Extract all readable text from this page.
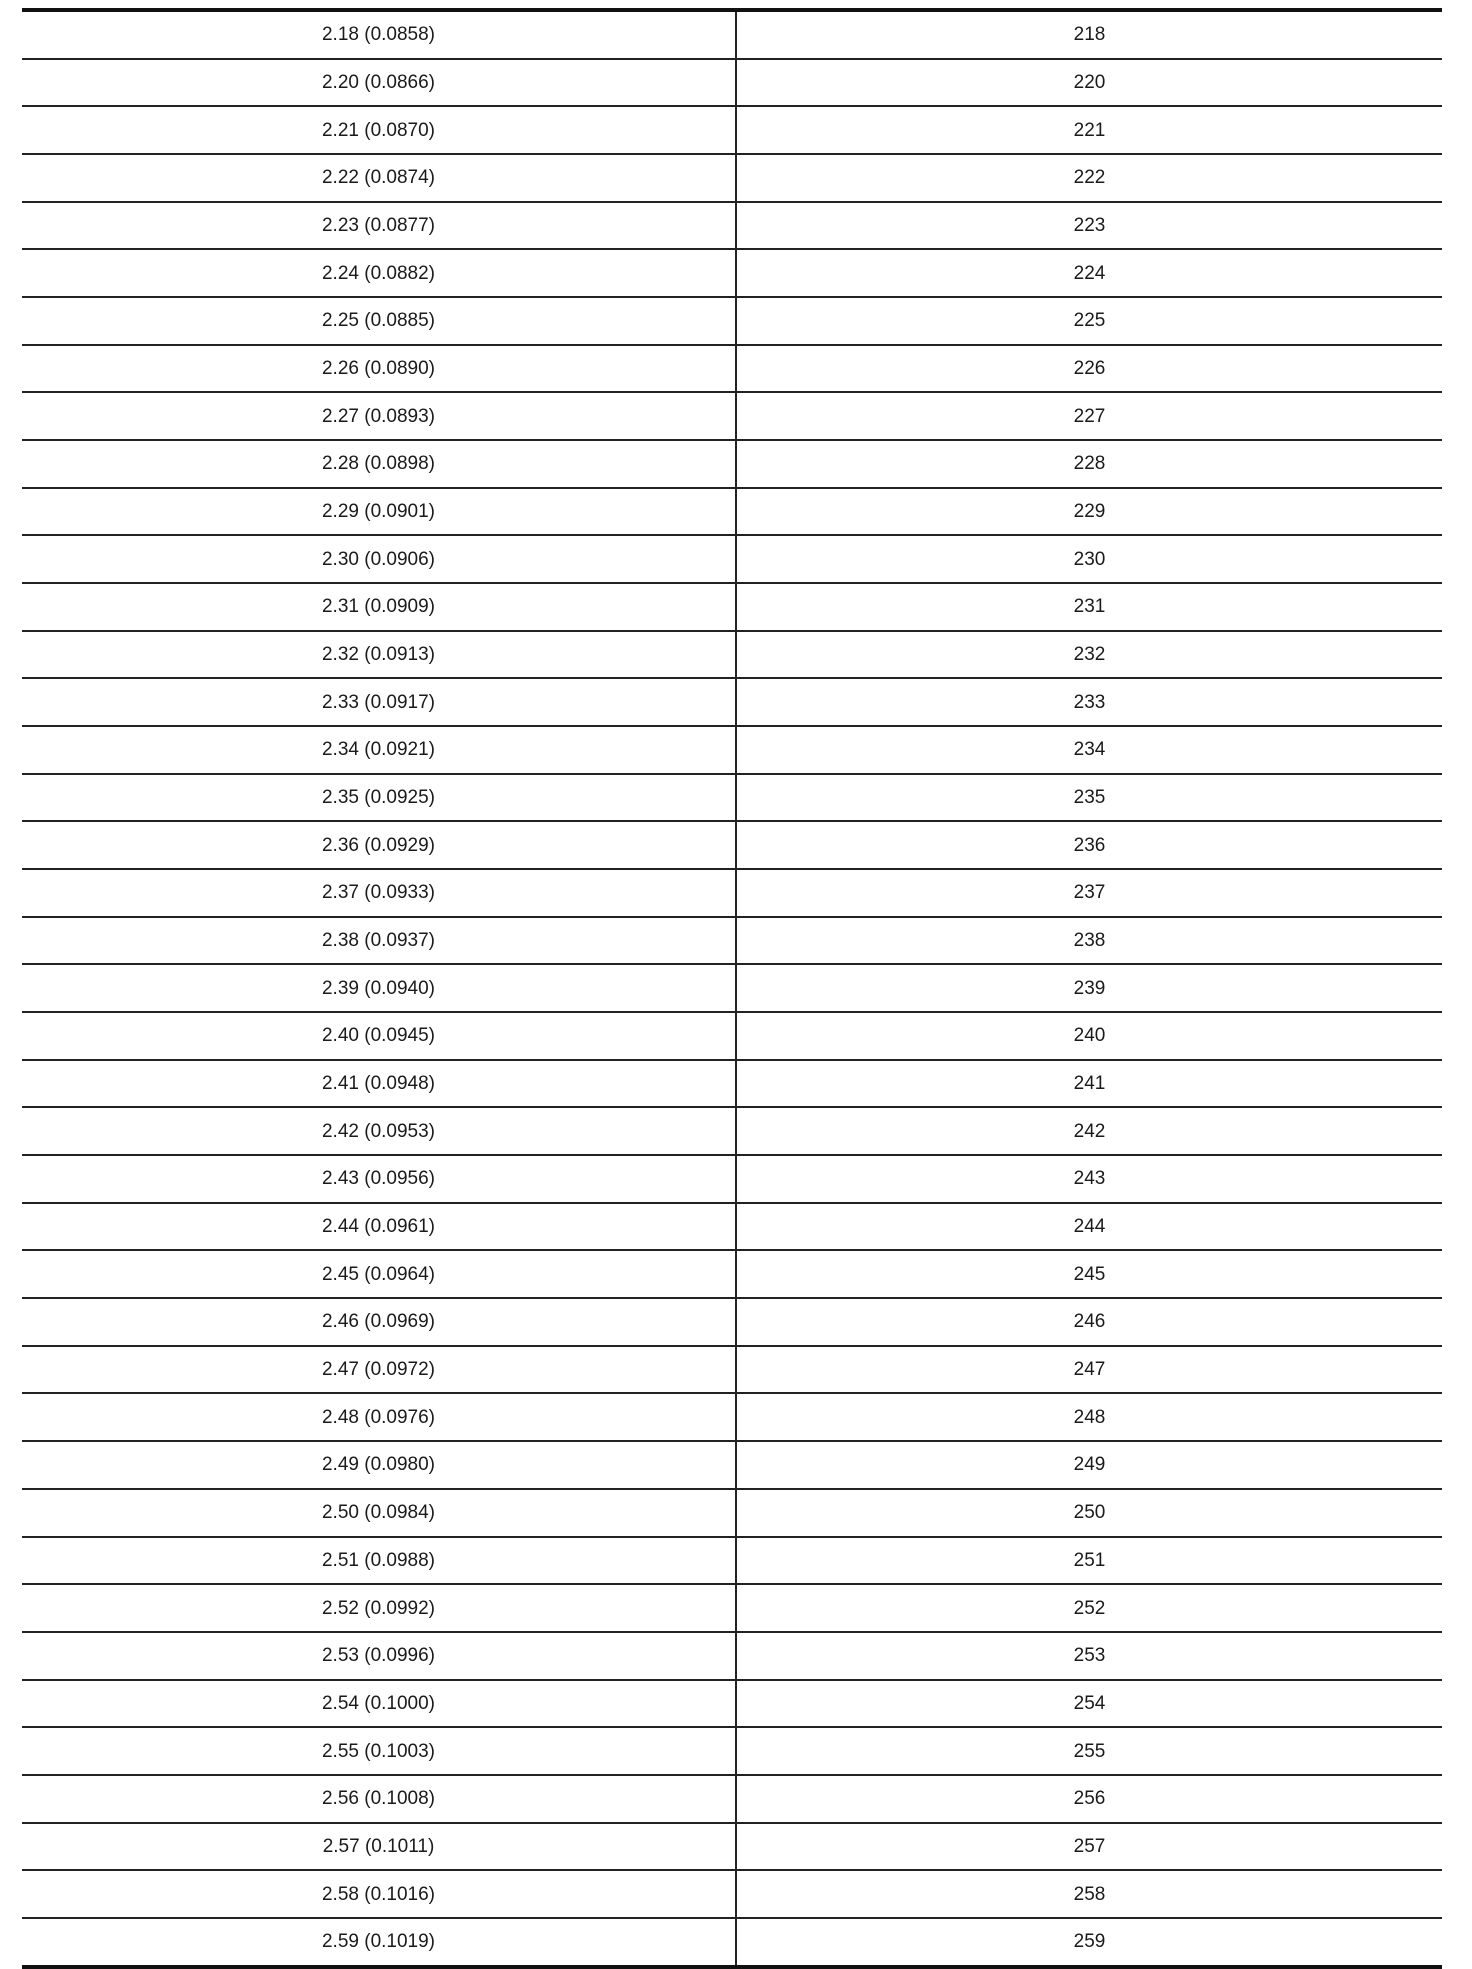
2.18 (0.0858)	218
2.20 (0.0866)	220
2.21 (0.0870)	221
2.22 (0.0874)	222
2.23 (0.0877)	223
2.24 (0.0882)	224
2.25 (0.0885)	225
2.26 (0.0890)	226
2.27 (0.0893)	227
2.28 (0.0898)	228
2.29 (0.0901)	229
2.30 (0.0906)	230
2.31 (0.0909)	231
2.32 (0.0913)	232
2.33 (0.0917)	233
2.34 (0.0921)	234
2.35 (0.0925)	235
2.36 (0.0929)	236
2.37 (0.0933)	237
2.38 (0.0937)	238
2.39 (0.0940)	239
2.40 (0.0945)	240
2.41 (0.0948)	241
2.42 (0.0953)	242
2.43 (0.0956)	243
2.44 (0.0961)	244
2.45 (0.0964)	245
2.46 (0.0969)	246
2.47 (0.0972)	247
2.48 (0.0976)	248
2.49 (0.0980)	249
2.50 (0.0984)	250
2.51 (0.0988)	251
2.52 (0.0992)	252
2.53 (0.0996)	253
2.54 (0.1000)	254
2.55 (0.1003)	255
2.56 (0.1008)	256
2.57 (0.1011)	257
2.58 (0.1016)	258
2.59 (0.1019)	259
